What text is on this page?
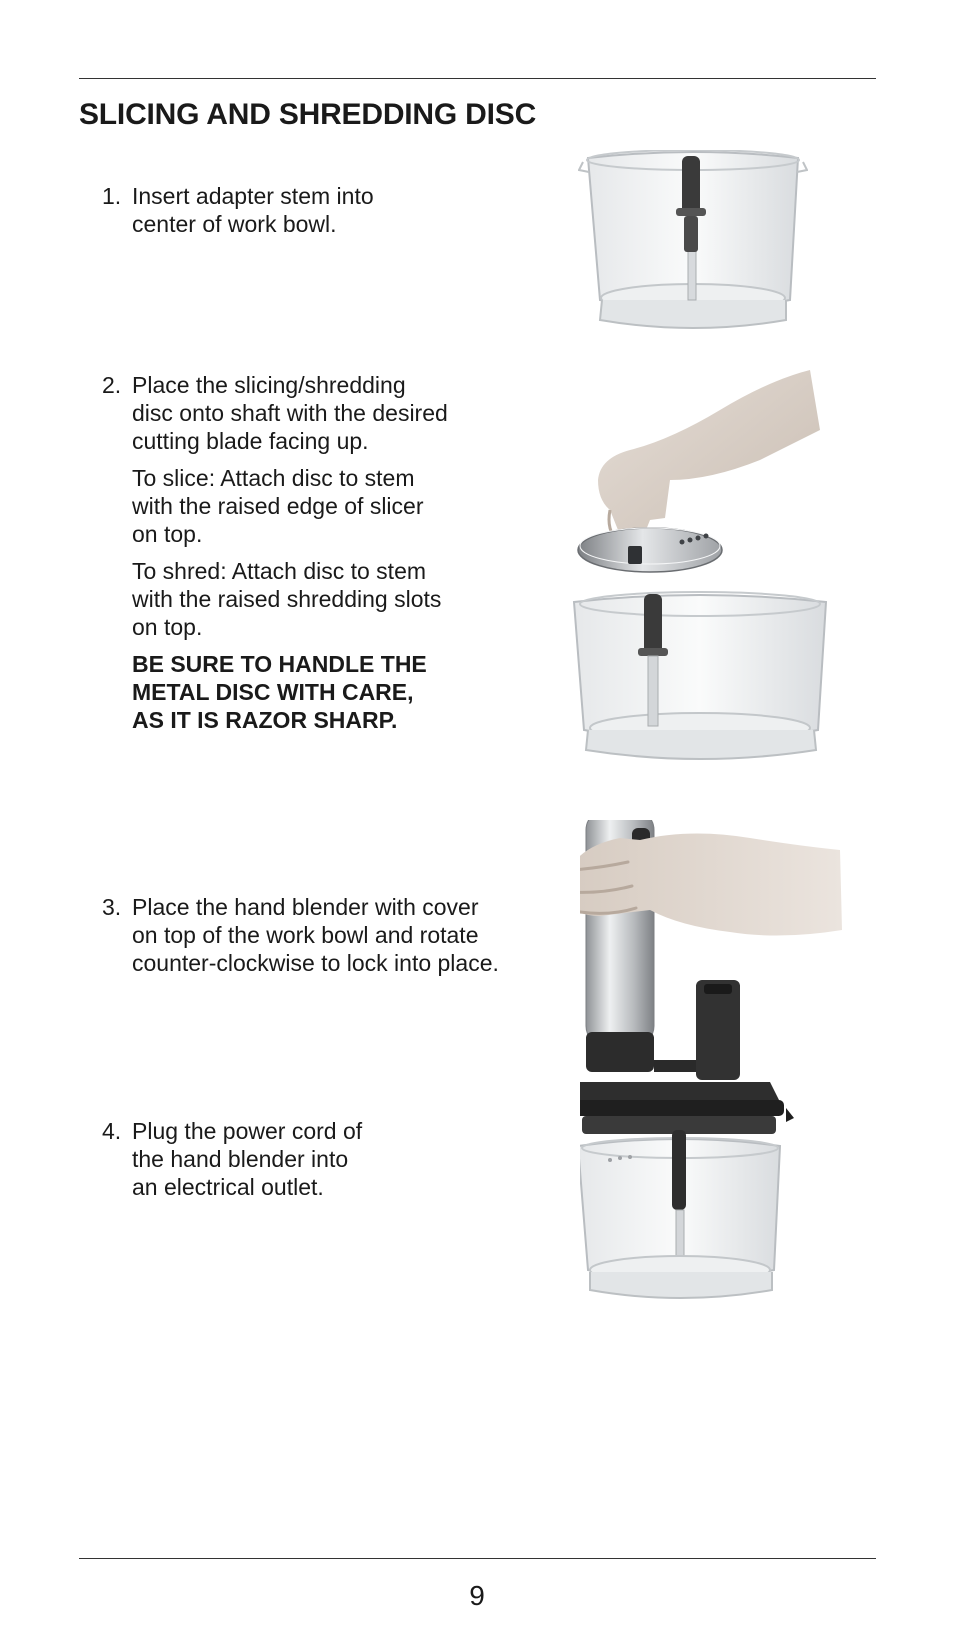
SLICING AND SHREDDING DISC
1. Insert adapter stem into
center of work bowl.

2. Place the slicing/shredding
disc onto shaft with the desired
cutting blade facing up.

To slice: Attach disc to stem
with the raised edge of slicer
on top.

To shred: Attach disc to stem
with the raised shredding slots
on top.

BE SURE TO HANDLE THE
METAL DISC WITH CARE,
AS IT IS RAZOR SHARP.

3. Place the hand blender with cover
on top of the work bowl and rotate
counter-clockwise to lock into place.

4. Plug the power cord of
the hand blender into
an electrical outlet.

9
